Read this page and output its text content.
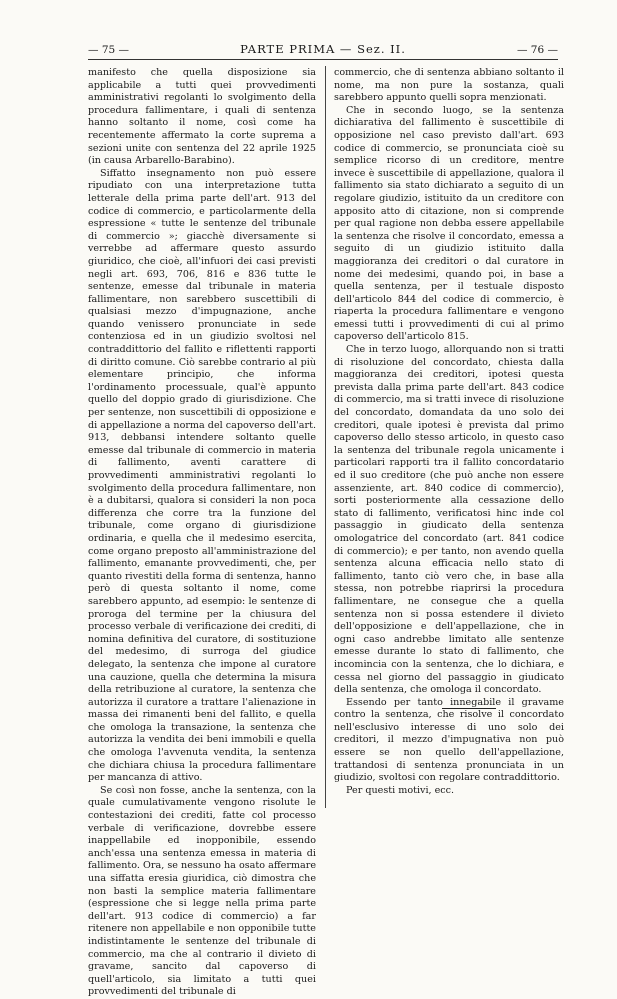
— 75 —	PARTE PRIMA — Sez. II.	— 76 —

manifesto che quella disposizione sia applicabile a tutti quei provvedimenti amministrativi regolanti lo svolgimento della procedura fallimentare, i quali di sentenza hanno soltanto il nome, così come ha recentemente affermato la corte suprema a sezioni unite con sentenza del 22 aprile 1925 (in causa Arbarello-Barabino).

Siffatto insegnamento non può essere ripudiato con una interpretazione tutta letterale della prima parte dell'art. 913 del codice di commercio, e particolarmente della espressione « tutte le sentenze del tribunale di commercio »; giacchè diversamente si verrebbe ad affermare questo assurdo giuridico, che cioè, all'infuori dei casi previsti negli art. 693, 706, 816 e 836 tutte le sentenze, emesse dal tribunale in materia fallimentare, non sarebbero suscettibili di qualsiasi mezzo d'impugnazione, anche quando venissero pronunciate in sede contenziosa ed in un giudizio svoltosi nel contraddittorio del fallito e riflettenti rapporti di diritto comune. Ciò sarebbe contrario al più elementare principio, che informa l'ordinamento processuale, qual'è appunto quello del doppio grado di giurisdizione. Che per sentenze, non suscettibili di opposizione e di appellazione a norma del capoverso dell'art. 913, debbansi intendere soltanto quelle emesse dal tribunale di commercio in materia di fallimento, aventi carattere di provvedimenti amministrativi regolanti lo svolgimento della procedura fallimentare, non è a dubitarsi, qualora si consideri la non poca differenza che corre tra la funzione del tribunale, come organo di giurisdizione ordinaria, e quella che il medesimo esercita, come organo preposto all'amministrazione del fallimento, emanante provvedimenti, che, per quanto rivestiti della forma di sentenza, hanno però di questa soltanto il nome, come sarebbero appunto, ad esempio: le sentenze di proroga del termine per la chiusura del processo verbale di verificazione dei crediti, di nomina definitiva del curatore, di sostituzione del medesimo, di surroga del giudice delegato, la sentenza che impone al curatore una cauzione, quella che determina la misura della retribuzione al curatore, la sentenza che autorizza il curatore a trattare l'alienazione in massa dei rimanenti beni del fallito, e quella che omologa la transazione, la sentenza che autorizza la vendita dei beni immobili e quella che omologa l'avvenuta vendita, la sentenza che dichiara chiusa la procedura fallimentare per mancanza di attivo.

Se così non fosse, anche la sentenza, con la quale cumulativamente vengono risolute le contestazioni dei crediti, fatte col processo verbale di verificazione, dovrebbe essere inappellabile ed inopponibile, essendo anch'essa una sentenza emessa in materia di fallimento. Ora, se nessuno ha osato affermare una siffatta eresia giuridica, ciò dimostra che non basti la semplice materia fallimentare (espressione che si legge nella prima parte dell'art. 913 codice di commercio) a far ritenere non appellabile e non opponibile tutte indistintamente le sentenze del tribunale di commercio, ma che al contrario il divieto di gravame, sancito dal capoverso di quell'articolo, sia limitato a tutti quei provvedimenti del tribunale di

commercio, che di sentenza abbiano soltanto il nome, ma non pure la sostanza, quali sarebbero appunto quelli sopra menzionati.

Che in secondo luogo, se la sentenza dichiarativa del fallimento è suscettibile di opposizione nel caso previsto dall'art. 693 codice di commercio, se pronunciata cioè su semplice ricorso di un creditore, mentre invece è suscettibile di appellazione, qualora il fallimento sia stato dichiarato a seguito di un regolare giudizio, istituito da un creditore con apposito atto di citazione, non si comprende per qual ragione non debba essere appellabile la sentenza che risolve il concordato, emessa a seguito di un giudizio istituito dalla maggioranza dei creditori o dal curatore in nome dei medesimi, quando poi, in base a quella sentenza, per il testuale disposto dell'articolo 844 del codice di commercio, è riaperta la procedura fallimentare e vengono emessi tutti i provvedimenti di cui al primo capoverso dell'articolo 815.

Che in terzo luogo, allorquando non si tratti di risoluzione del concordato, chiesta dalla maggioranza dei creditori, ipotesi questa prevista dalla prima parte dell'art. 843 codice di commercio, ma si tratti invece di risoluzione del concordato, domandata da uno solo dei creditori, quale ipotesi è prevista dal primo capoverso dello stesso articolo, in questo caso la sentenza del tribunale regola unicamente i particolari rapporti tra il fallito concordatario ed il suo creditore (che può anche non essere assenziente, art. 840 codice di commercio), sorti posteriormente alla cessazione dello stato di fallimento, verificatosi hinc inde col passaggio in giudicato della sentenza omologatrice del concordato (art. 841 codice di commercio); e per tanto, non avendo quella sentenza alcuna efficacia nello stato di fallimento, tanto ciò vero che, in base alla stessa, non potrebbe riaprirsi la procedura fallimentare, ne consegue che a quella sentenza non si possa estendere il divieto dell'opposizione e dell'appellazione, che in ogni caso andrebbe limitato alle sentenze emesse durante lo stato di fallimento, che incomincia con la sentenza, che lo dichiara, e cessa nel giorno del passaggio in giudicato della sentenza, che omologa il concordato.

Essendo per tanto innegabile il gravame contro la sentenza, che risolve il concordato nell'esclusivo interesse di uno solo dei creditori, il mezzo d'impugnativa non può essere se non quello dell'appellazione, trattandosi di sentenza pronunciata in un giudizio, svoltosi con regolare contraddittorio.

Per questi motivi, ecc.
